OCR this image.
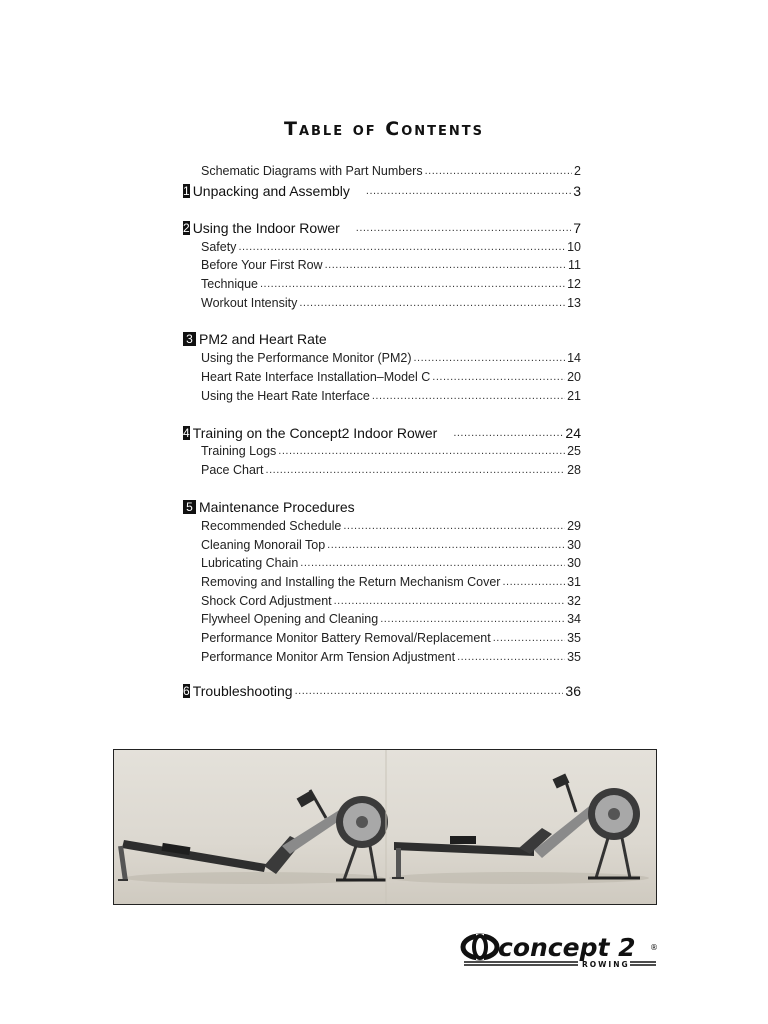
Table of Contents
Schematic Diagrams with Part Numbers .....	2
1 Unpacking and Assembly .....	3
2 Using the Indoor Rower .....	7
Safety .....	10
Before Your First Row .....	11
Technique .....	12
Workout Intensity .....	13
3 PM2 and Heart Rate
Using the Performance Monitor (PM2) .....	14
Heart Rate Interface Installation–Model C .....	20
Using the Heart Rate Interface .....	21
4 Training on the Concept2 Indoor Rower .....	24
Training Logs .....	25
Pace Chart .....	28
5 Maintenance Procedures
Recommended Schedule .....	29
Cleaning Monorail Top .....	30
Lubricating Chain .....	30
Removing and Installing the Return Mechanism Cover .....	31
Shock Cord Adjustment .....	32
Flywheel Opening and Cleaning .....	34
Performance Monitor Battery Removal/Replacement .....	35
Performance Monitor Arm Tension Adjustment .....	35
6 Troubleshooting .....	36
concept 2 ®
ROWING
